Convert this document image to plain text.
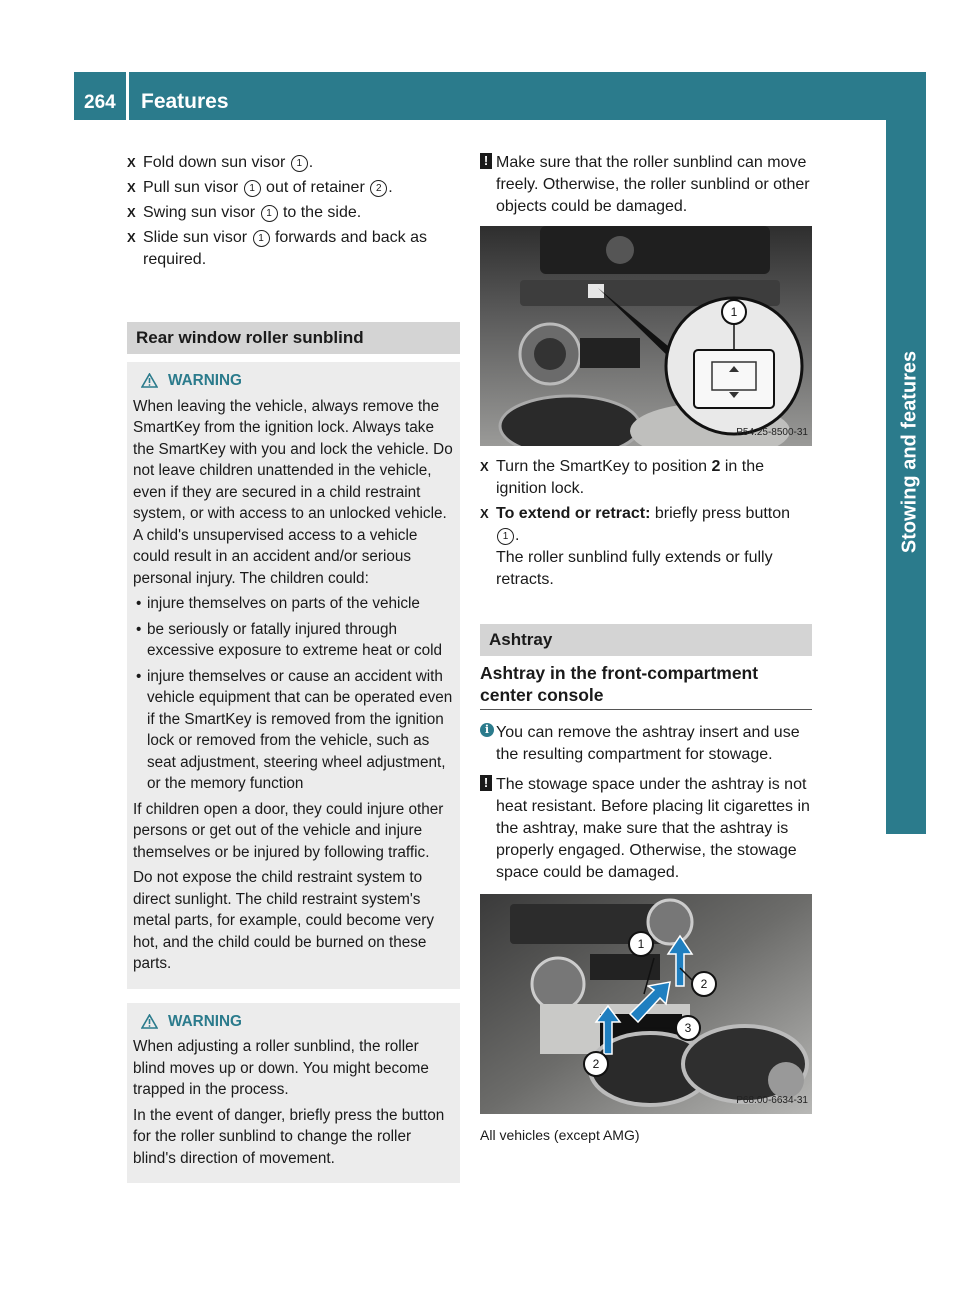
264 Features
Stowing and features
X Fold down sun visor 1 .
X Pull sun visor 1 out of retainer 2 .
X Swing sun visor 1 to the side.
X Slide sun visor 1 forwards and back as required.
Rear window roller sunblind
WARNING

When leaving the vehicle, always remove the SmartKey from the ignition lock. Always take the SmartKey with you and lock the vehicle. Do not leave children unattended in the vehicle, even if they are secured in a child restraint system, or with access to an unlocked vehicle. A child's unsupervised access to a vehicle could result in an accident and/or serious personal injury. The children could:

• injure themselves on parts of the vehicle
• be seriously or fatally injured through excessive exposure to extreme heat or cold
• injure themselves or cause an accident with vehicle equipment that can be operated even if the SmartKey is removed from the ignition lock or removed from the vehicle, such as seat adjustment, steering wheel adjustment, or the memory function

If children open a door, they could injure other persons or get out of the vehicle and injure themselves or be injured by following traffic.

Do not expose the child restraint system to direct sunlight. The child restraint system's metal parts, for example, could become very hot, and the child could be burned on these parts.

WARNING

When adjusting a roller sunblind, the roller blind moves up or down. You might become trapped in the process.

In the event of danger, briefly press the button for the roller sunblind to change the roller blind's direction of movement.

! Make sure that the roller sunblind can move freely. Otherwise, the roller sunblind or other objects could be damaged.
1
P54.25-8500-31
X Turn the SmartKey to position 2 in the ignition lock.
X To extend or retract: briefly press button 1 .
The roller sunblind fully extends or fully retracts.
Ashtray
Ashtray in the front-compartment center console
i You can remove the ashtray insert and use the resulting compartment for stowage.
! The stowage space under the ashtray is not heat resistant. Before placing lit cigarettes in the ashtray, make sure that the ashtray is properly engaged. Otherwise, the stowage space could be damaged.
1
2
3
2
P68.00-6634-31
All vehicles (except AMG)
